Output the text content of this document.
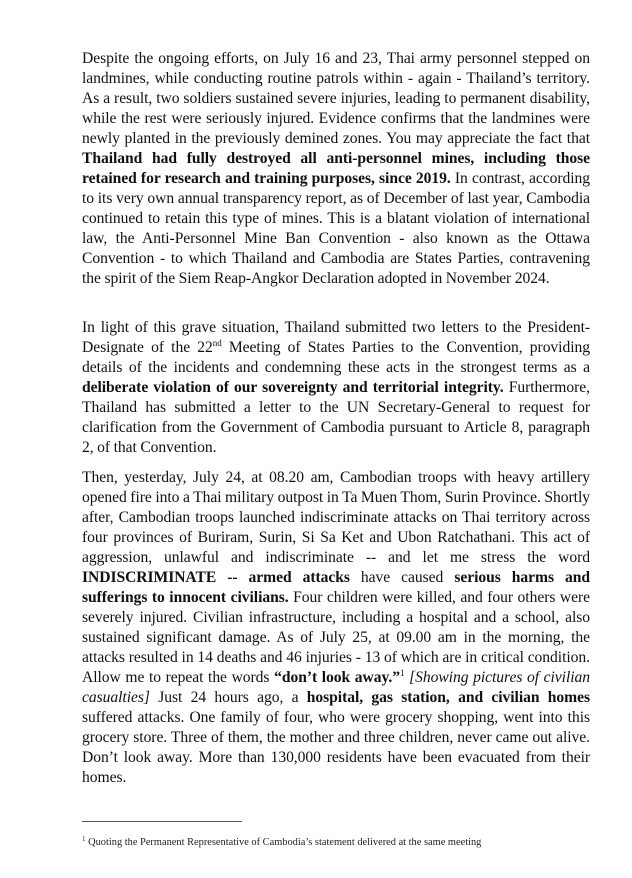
Despite the ongoing efforts, on July 16 and 23, Thai army personnel stepped on landmines, while conducting routine patrols within - again - Thailand’s territory. As a result, two soldiers sustained severe injuries, leading to permanent disability, while the rest were seriously injured. Evidence confirms that the landmines were newly planted in the previously demined zones. You may appreciate the fact that Thailand had fully destroyed all anti-personnel mines, including those retained for research and training purposes, since 2019. In contrast, according to its very own annual transparency report, as of December of last year, Cambodia continued to retain this type of mines. This is a blatant violation of international law, the Anti-Personnel Mine Ban Convention - also known as the Ottawa Convention - to which Thailand and Cambodia are States Parties, contravening the spirit of the Siem Reap-Angkor Declaration adopted in November 2024.

In light of this grave situation, Thailand submitted two letters to the President-Designate of the 22nd Meeting of States Parties to the Convention, providing details of the incidents and condemning these acts in the strongest terms as a deliberate violation of our sovereignty and territorial integrity. Furthermore, Thailand has submitted a letter to the UN Secretary-General to request for clarification from the Government of Cambodia pursuant to Article 8, paragraph 2, of that Convention.

Then, yesterday, July 24, at 08.20 am, Cambodian troops with heavy artillery opened fire into a Thai military outpost in Ta Muen Thom, Surin Province. Shortly after, Cambodian troops launched indiscriminate attacks on Thai territory across four provinces of Buriram, Surin, Si Sa Ket and Ubon Ratchathani. This act of aggression, unlawful and indiscriminate -- and let me stress the word INDISCRIMINATE -- armed attacks have caused serious harms and sufferings to innocent civilians. Four children were killed, and four others were severely injured. Civilian infrastructure, including a hospital and a school, also sustained significant damage. As of July 25, at 09.00 am in the morning, the attacks resulted in 14 deaths and 46 injuries - 13 of which are in critical condition. Allow me to repeat the words “don’t look away.”$^1$ [Showing pictures of civilian casualties] Just 24 hours ago, a hospital, gas station, and civilian homes suffered attacks. One family of four, who were grocery shopping, went into this grocery store. Three of them, the mother and three children, never came out alive. Don’t look away. More than 130,000 residents have been evacuated from their homes.

$^1$ Quoting the Permanent Representative of Cambodia’s statement delivered at the same meeting
